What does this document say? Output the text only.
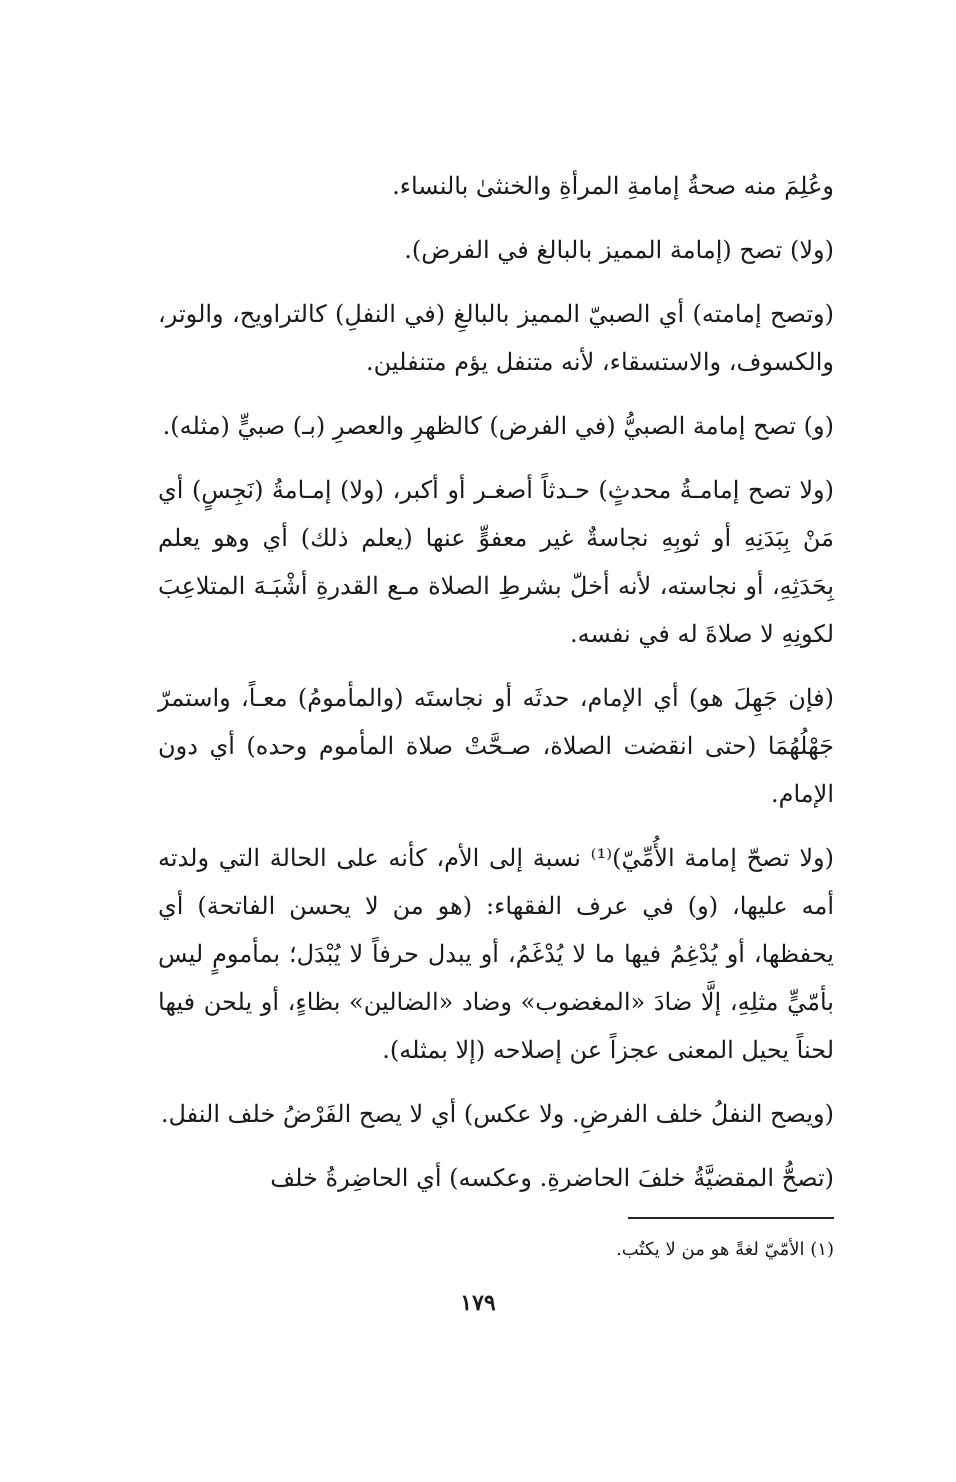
وعُلِمَ منه صحةُ إمامةِ المرأةِ والخنثىٰ بالنساء.

(ولا) تصح (إمامة المميز بالبالغ في الفرض).

(وتصح إمامته) أي الصبيّ المميز بالبالغِ (في النفلِ) كالتراويح، والوتر، والكسوف، والاستسقاء، لأنه متنفل يؤم متنفلين.

(و) تصح إمامة الصبيُّ (في الفرض) كالظهرِ والعصرِ (بـ) صبيٍّ (مثله).

(ولا تصح إمامـةُ محدثٍ) حـدثاً أصغـر أو أكبر، (ولا) إمـامةُ (نَجِسٍ) أي مَنْ بِبَدَنِهِ أو ثوبِهِ نجاسةٌ غير معفوٍّ عنها (يعلم ذلك) أي وهو يعلم بِحَدَثِهِ، أو نجاسته، لأنه أخلّ بشرطِ الصلاة مـع القدرةِ أشْبَـهَ المتلاعِبَ لكونِهِ لا صلاةَ له في نفسه.

(فإن جَهِلَ هو) أي الإمام، حدثَه أو نجاستَه (والمأمومُ) معـاً، واستمرّ جَهْلُهُمَا (حتى انقضت الصلاة، صـحَّتْ صلاة المأموم وحده) أي دون الإمام.

(ولا تصحّ إمامة الأُمِّيّ)⁽¹⁾ نسبة إلى الأم، كأنه على الحالة التي ولدته أمه عليها، (و) في عرف الفقهاء: (هو من لا يحسن الفاتحة) أي يحفظها، أو يُدْغِمُ فيها ما لا يُدْغَمُ، أو يبدل حرفاً لا يُبْدَل؛ بمأمومٍ ليس بأمّيٍّ مثلِهِ، إلَّا ضادَ «المغضوب» وضاد «الضالين» بظاءٍ، أو يلحن فيها لحناً يحيل المعنى عجزاً عن إصلاحه (إلا بمثله).

(ويصح النفلُ خلف الفرضِ. ولا عكس) أي لا يصح الفَرْضُ خلف النفل.

(تصحُّ المقضيَّةُ خلفَ الحاضرةِ. وعكسه) أي الحاضِرةُ خلف

(١) الأمّيّ لغةً هو من لا يكتُب.
١٧٩
